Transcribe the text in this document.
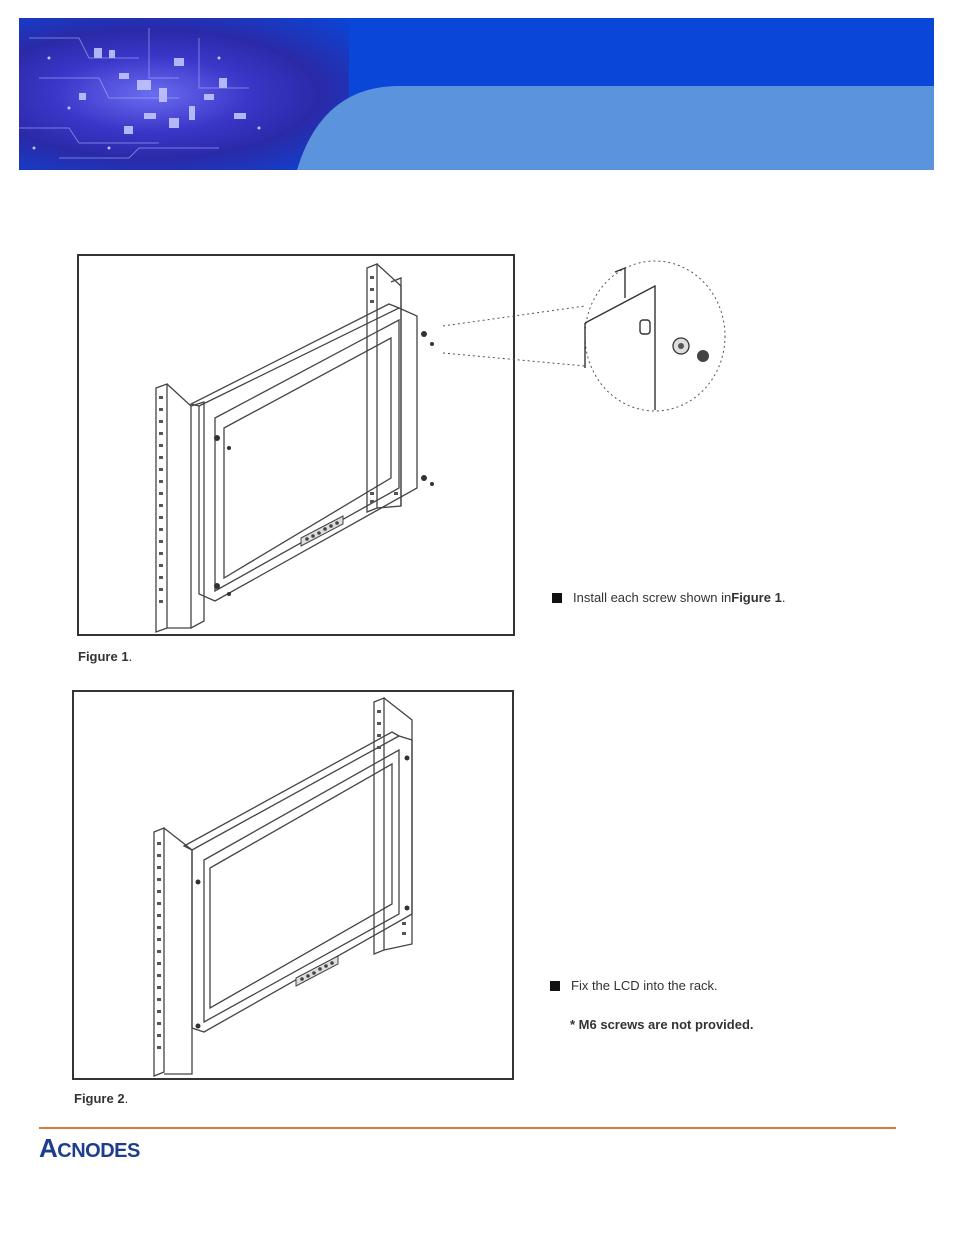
Install each screw shown in Figure 1 .
Figure 1.
Fix the LCD into the rack.
* M6 screws are not provided.
Figure 2.
ACNODES
